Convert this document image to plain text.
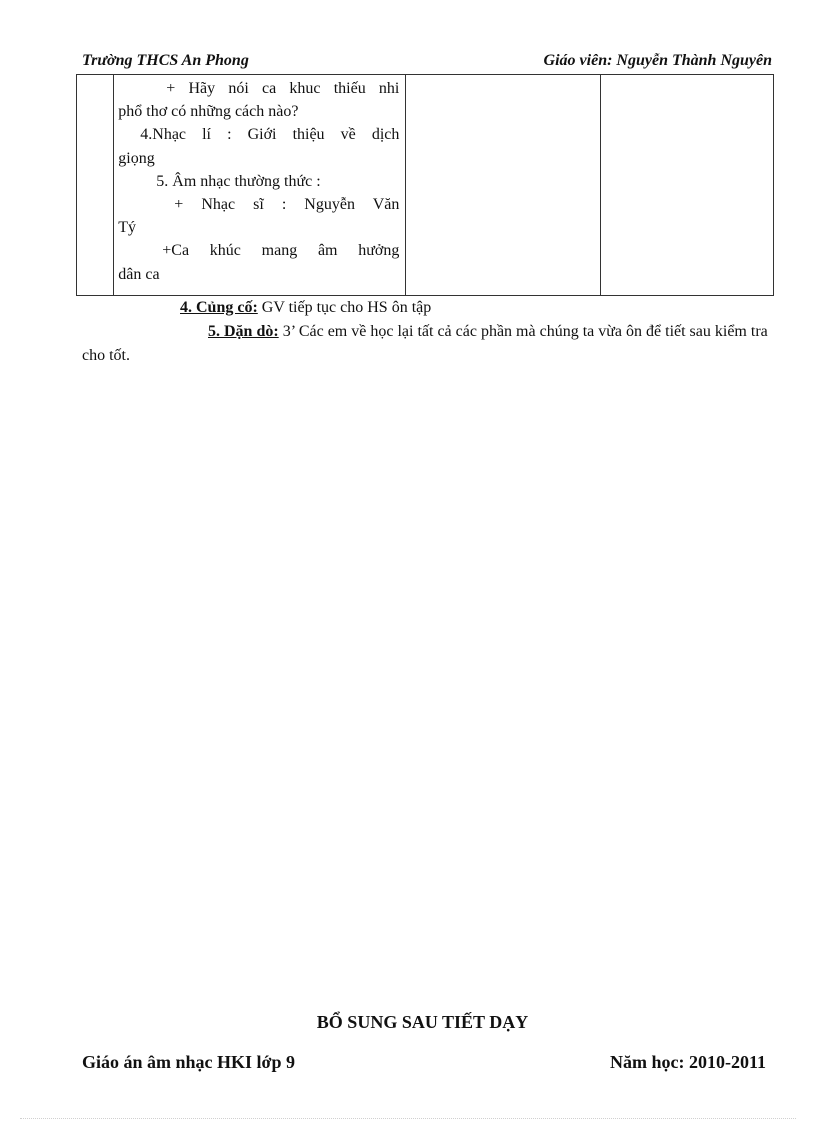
Trường THCS An Phong	Giáo viên: Nguyễn Thành Nguyên

+ Hãy nói ca khuc thiếu nhi
phổ thơ có những cách nào?
4.Nhạc lí : Giới thiệu về dịch
giọng
5. Âm nhạc thường thức :
+ Nhạc sĩ : Nguyễn Văn
Tý
+Ca khúc mang âm hưởng
dân ca

4. Củng cố: GV tiếp tục cho HS ôn tập

5. Dặn dò: 3’ Các em về học lại tất cả các phần mà chúng ta vừa ôn để tiết sau kiểm tra cho tốt.

BỔ SUNG SAU TIẾT DẠY
Giáo án âm nhạc HKI lớp 9	Năm học: 2010-2011
